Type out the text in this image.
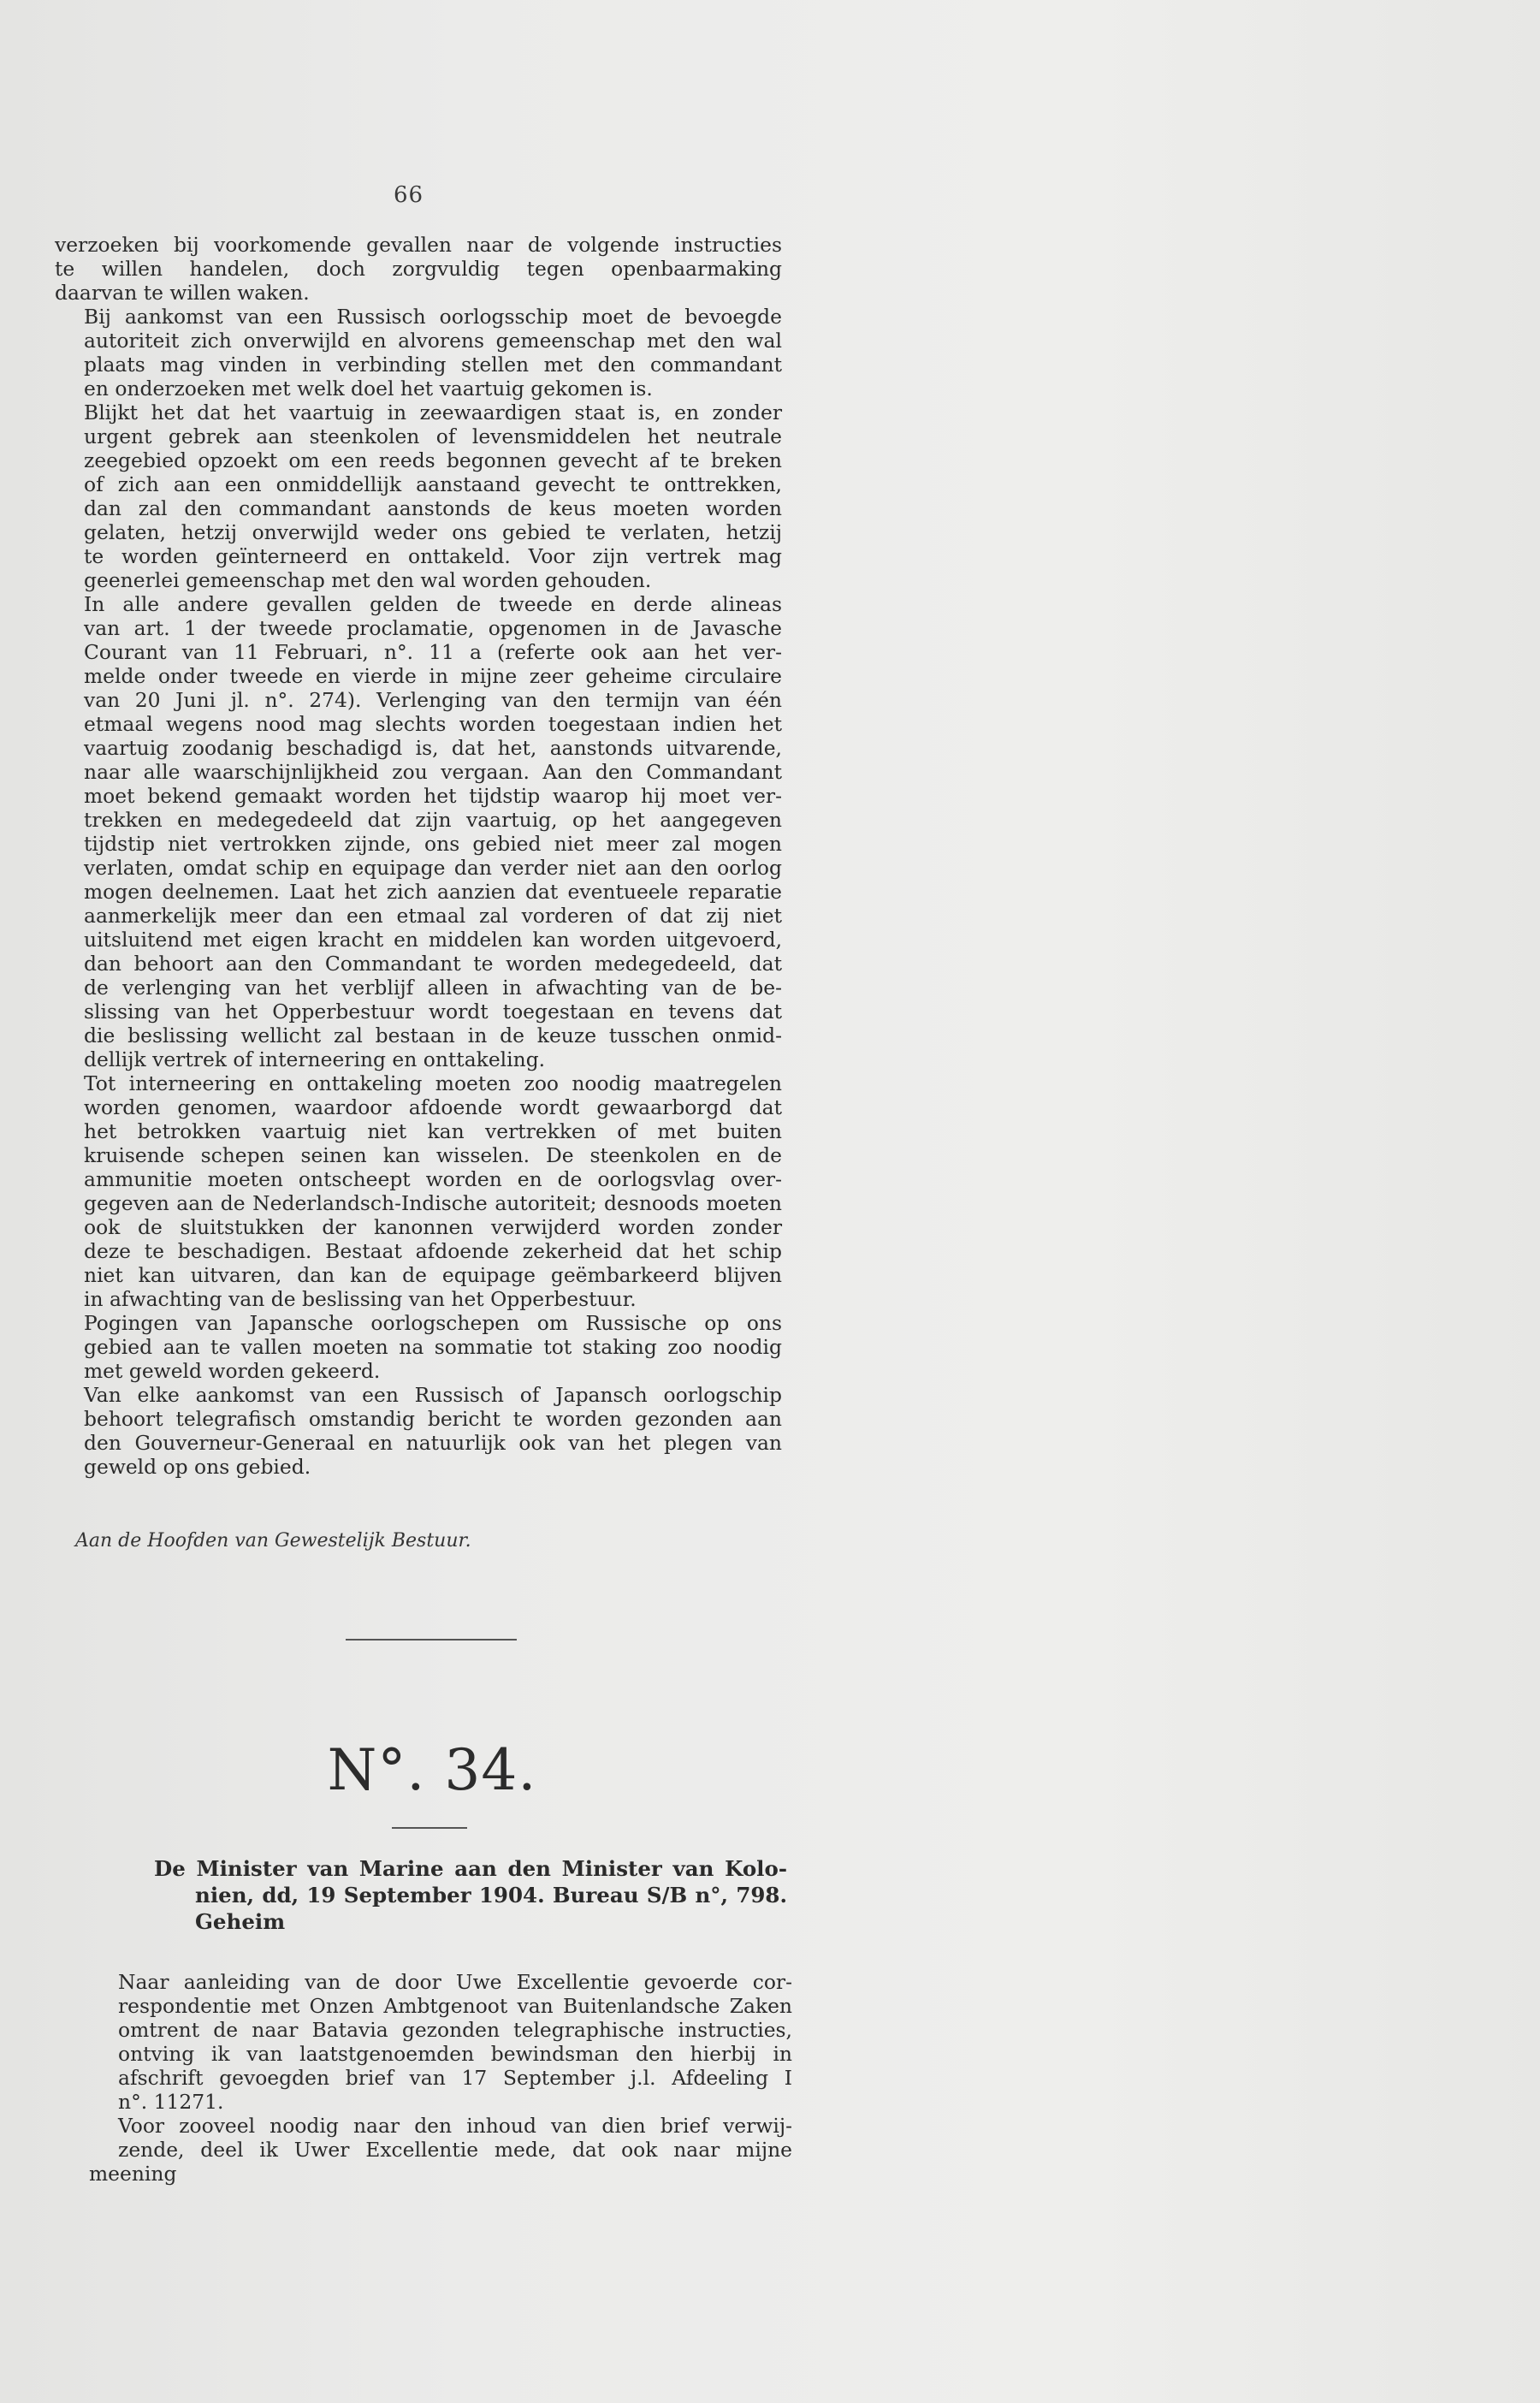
66

verzoeken bij voorkomende gevallen naar de volgende instructies
te willen handelen, doch zorgvuldig tegen openbaarmaking
daarvan te willen waken.

Bij aankomst van een Russisch oorlogsschip moet de bevoegde
autoriteit zich onverwijld en alvorens gemeenschap met den wal
plaats mag vinden in verbinding stellen met den commandant
en onderzoeken met welk doel het vaartuig gekomen is.

Blijkt het dat het vaartuig in zeewaardigen staat is, en zonder
urgent gebrek aan steenkolen of levensmiddelen het neutrale
zeegebied opzoekt om een reeds begonnen gevecht af te breken
of zich aan een onmiddellijk aanstaand gevecht te onttrekken,
dan zal den commandant aanstonds de keus moeten worden
gelaten, hetzij onverwijld weder ons gebied te verlaten, hetzij
te worden geïnterneerd en onttakeld. Voor zijn vertrek mag
geenerlei gemeenschap met den wal worden gehouden.

In alle andere gevallen gelden de tweede en derde alineas
van art. 1 der tweede proclamatie, opgenomen in de Javasche
Courant van 11 Februari, n°. 11 a (referte ook aan het ver-
melde onder tweede en vierde in mijne zeer geheime circulaire
van 20 Juni jl. n°. 274). Verlenging van den termijn van één
etmaal wegens nood mag slechts worden toegestaan indien het
vaartuig zoodanig beschadigd is, dat het, aanstonds uitvarende,
naar alle waarschijnlijkheid zou vergaan. Aan den Commandant
moet bekend gemaakt worden het tijdstip waarop hij moet ver-
trekken en medegedeeld dat zijn vaartuig, op het aangegeven
tijdstip niet vertrokken zijnde, ons gebied niet meer zal mogen
verlaten, omdat schip en equipage dan verder niet aan den oorlog
mogen deelnemen. Laat het zich aanzien dat eventueele reparatie
aanmerkelijk meer dan een etmaal zal vorderen of dat zij niet
uitsluitend met eigen kracht en middelen kan worden uitgevoerd,
dan behoort aan den Commandant te worden medegedeeld, dat
de verlenging van het verblijf alleen in afwachting van de be-
slissing van het Opperbestuur wordt toegestaan en tevens dat
die beslissing wellicht zal bestaan in de keuze tusschen onmid-
dellijk vertrek of interneering en onttakeling.

Tot interneering en onttakeling moeten zoo noodig maatregelen
worden genomen, waardoor afdoende wordt gewaarborgd dat
het betrokken vaartuig niet kan vertrekken of met buiten
kruisende schepen seinen kan wisselen. De steenkolen en de
ammunitie moeten ontscheept worden en de oorlogsvlag over-
gegeven aan de Nederlandsch-Indische autoriteit; desnoods moeten
ook de sluitstukken der kanonnen verwijderd worden zonder
deze te beschadigen. Bestaat afdoende zekerheid dat het schip
niet kan uitvaren, dan kan de equipage geëmbarkeerd blijven
in afwachting van de beslissing van het Opperbestuur.

Pogingen van Japansche oorlogschepen om Russische op ons
gebied aan te vallen moeten na sommatie tot staking zoo noodig
met geweld worden gekeerd.

Van elke aankomst van een Russisch of Japansch oorlogschip
behoort telegrafisch omstandig bericht te worden gezonden aan
den Gouverneur-Generaal en natuurlijk ook van het plegen van
geweld op ons gebied.

Aan de Hoofden van Gewestelijk Bestuur.
N°. 34.
De Minister van Marine aan den Minister van Kolo-
nien, dd, 19 September 1904. Bureau S/B n°, 798.
Geheim

Naar aanleiding van de door Uwe Excellentie gevoerde cor-
respondentie met Onzen Ambtgenoot van Buitenlandsche Zaken
omtrent de naar Batavia gezonden telegraphische instructies,
ontving ik van laatstgenoemden bewindsman den hierbij in
afschrift gevoegden brief van 17 September j.l. Afdeeling I
n°. 11271.

Voor zooveel noodig naar den inhoud van dien brief verwij-
zende, deel ik Uwer Excellentie mede, dat ook naar mijne meening
